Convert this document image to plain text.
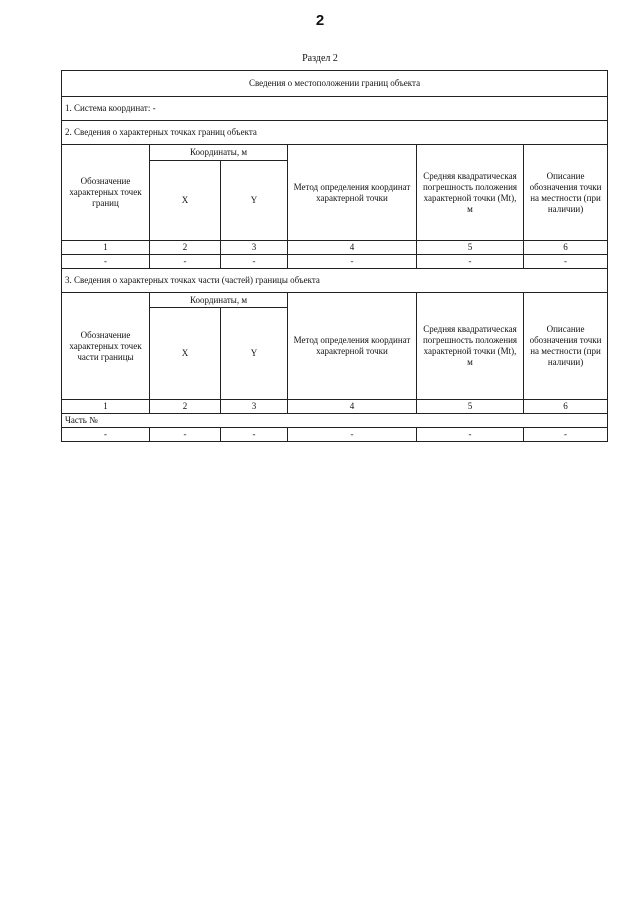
2
Раздел 2
Сведения о местоположении границ объекта					
1. Система координат: -					
2. Сведения о характерных точках границ объекта					
Обозначение характерных точек границ	Координаты, м		Метод определения координат характерной точки	Средняя квадратическая погрешность положения характерной точки (Mt), м	Описание обозначения точки на местности (при наличии)
	X	Y			
1	2	3	4	5	6
-	-	-	-	-	-
3. Сведения о характерных точках части (частей) границы объекта					
Обозначение характерных точек части границы	Координаты, м		Метод определения координат характерной точки	Средняя квадратическая погрешность положения характерной точки (Mt), м	Описание обозначения точки на местности (при наличии)
	X	Y			
1	2	3	4	5	6
Часть №					
-	-	-	-	-	-
